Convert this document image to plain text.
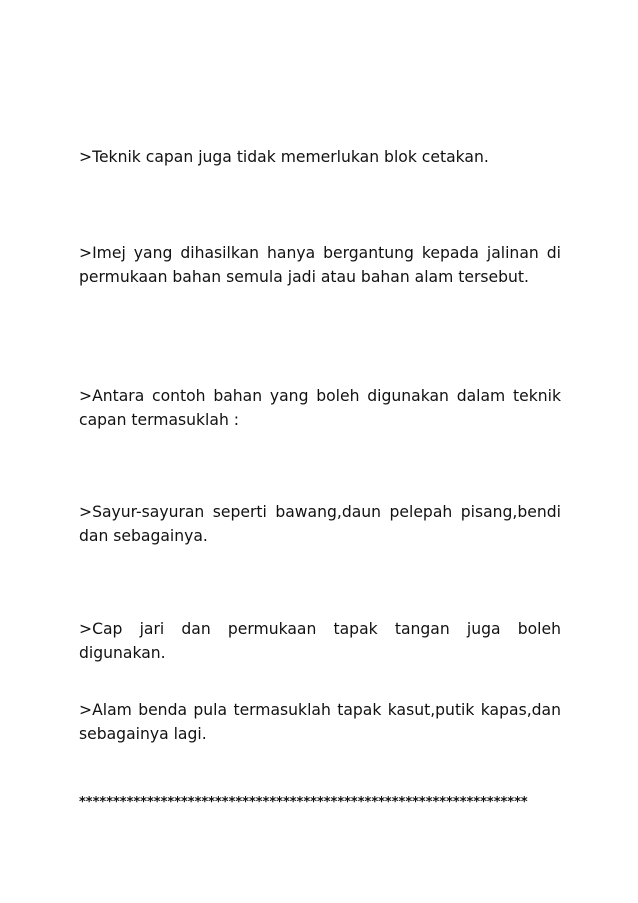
>Teknik capan juga tidak memerlukan blok cetakan.

>Imej yang dihasilkan hanya bergantung kepada jalinan di permukaan bahan semula jadi atau bahan alam tersebut.

>Antara contoh bahan yang boleh digunakan dalam teknik capan termasuklah :

>Sayur-sayuran seperti bawang,daun pelepah pisang,bendi dan sebagainya.

>Cap jari dan permukaan tapak tangan juga boleh digunakan.

>Alam benda pula termasuklah tapak kasut,putik kapas,dan sebagainya lagi.

******************************************************************
